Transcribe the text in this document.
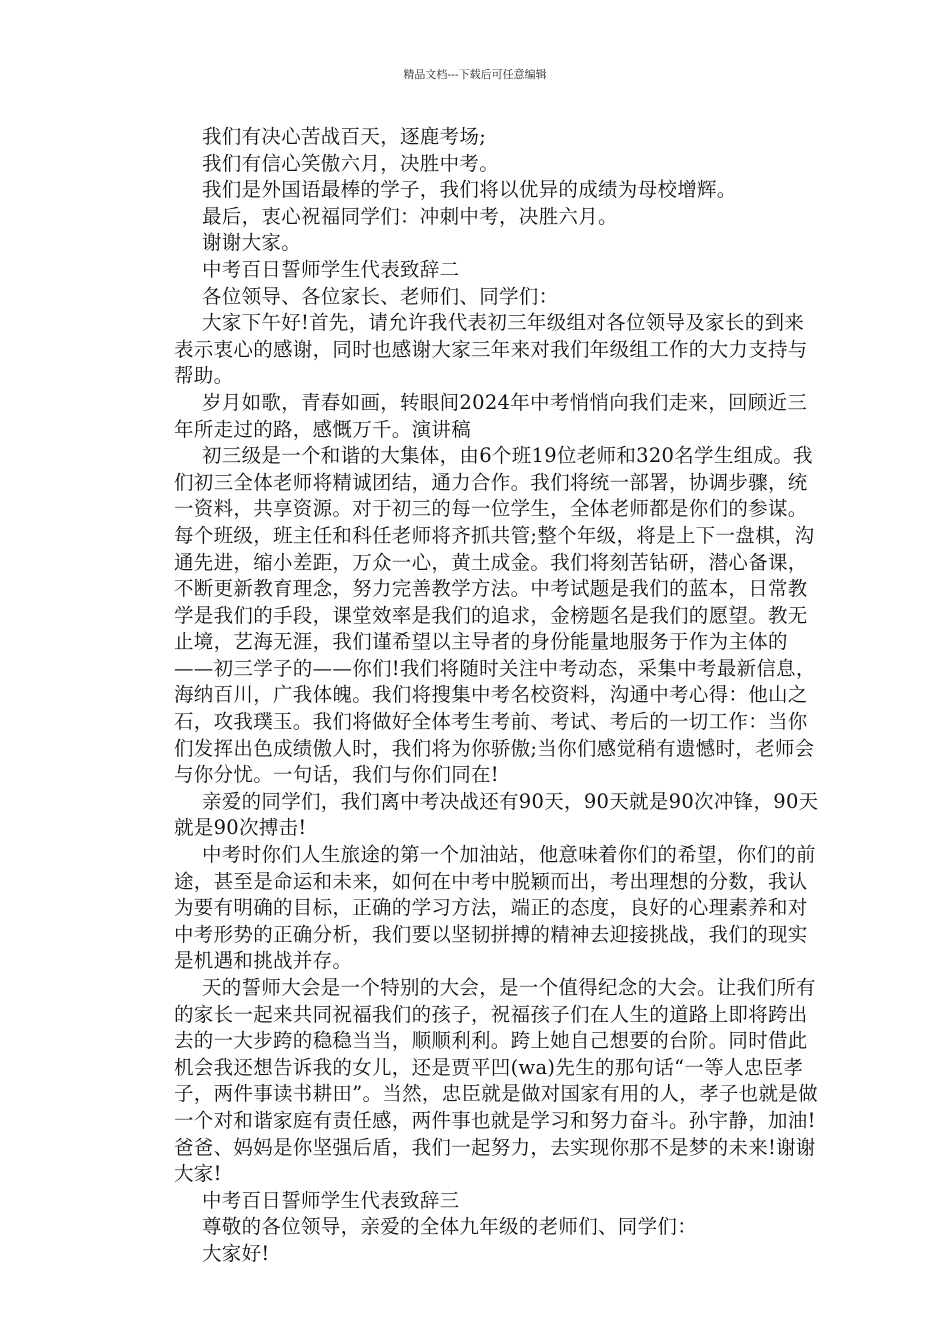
精品文档---下载后可任意编辑

我们有决心苦战百天，逐鹿考场;

我们有信心笑傲六月，决胜中考。

我们是外国语最棒的学子，我们将以优异的成绩为母校增辉。

最后，衷心祝福同学们：冲刺中考，决胜六月。

谢谢大家。

中考百日誓师学生代表致辞二

各位领导、各位家长、老师们、同学们：

大家下午好!首先，请允许我代表初三年级组对各位领导及家长的到来表示衷心的感谢，同时也感谢大家三年来对我们年级组工作的大力支持与帮助。

岁月如歌，青春如画，转眼间2024年中考悄悄向我们走来，回顾近三年所走过的路，感慨万千。演讲稿

初三级是一个和谐的大集体，由6个班19位老师和320名学生组成。我们初三全体老师将精诚团结，通力合作。我们将统一部署，协调步骤，统一资料，共享资源。对于初三的每一位学生，全体老师都是你们的参谋。每个班级，班主任和科任老师将齐抓共管;整个年级，将是上下一盘棋，沟通先进，缩小差距，万众一心，黄土成金。我们将刻苦钻研，潜心备课，不断更新教育理念，努力完善教学方法。中考试题是我们的蓝本，日常教学是我们的手段，课堂效率是我们的追求，金榜题名是我们的愿望。教无止境，艺海无涯，我们谨希望以主导者的身份能量地服务于作为主体的——初三学子的——你们!我们将随时关注中考动态，采集中考最新信息，海纳百川，广我体魄。我们将搜集中考名校资料，沟通中考心得：他山之石，攻我璞玉。我们将做好全体考生考前、考试、考后的一切工作：当你们发挥出色成绩傲人时，我们将为你骄傲;当你们感觉稍有遗憾时，老师会与你分忧。一句话，我们与你们同在!

亲爱的同学们，我们离中考决战还有90天，90天就是90次冲锋，90天就是90次搏击!

中考时你们人生旅途的第一个加油站，他意味着你们的希望，你们的前途，甚至是命运和未来，如何在中考中脱颖而出，考出理想的分数，我认为要有明确的目标，正确的学习方法，端正的态度，良好的心理素养和对中考形势的正确分析，我们要以坚韧拼搏的精神去迎接挑战，我们的现实是机遇和挑战并存。

天的誓师大会是一个特别的大会，是一个值得纪念的大会。让我们所有的家长一起来共同祝福我们的孩子，祝福孩子们在人生的道路上即将跨出去的一大步跨的稳稳当当，顺顺利利。跨上她自己想要的台阶。同时借此机会我还想告诉我的女儿，还是贾平凹(wa)先生的那句话“一等人忠臣孝子，两件事读书耕田”。当然，忠臣就是做对国家有用的人，孝子也就是做一个对和谐家庭有责任感，两件事也就是学习和努力奋斗。孙宇静，加油!爸爸、妈妈是你坚强后盾，我们一起努力，去实现你那不是梦的未来!谢谢大家!

中考百日誓师学生代表致辞三

尊敬的各位领导，亲爱的全体九年级的老师们、同学们：

大家好!
